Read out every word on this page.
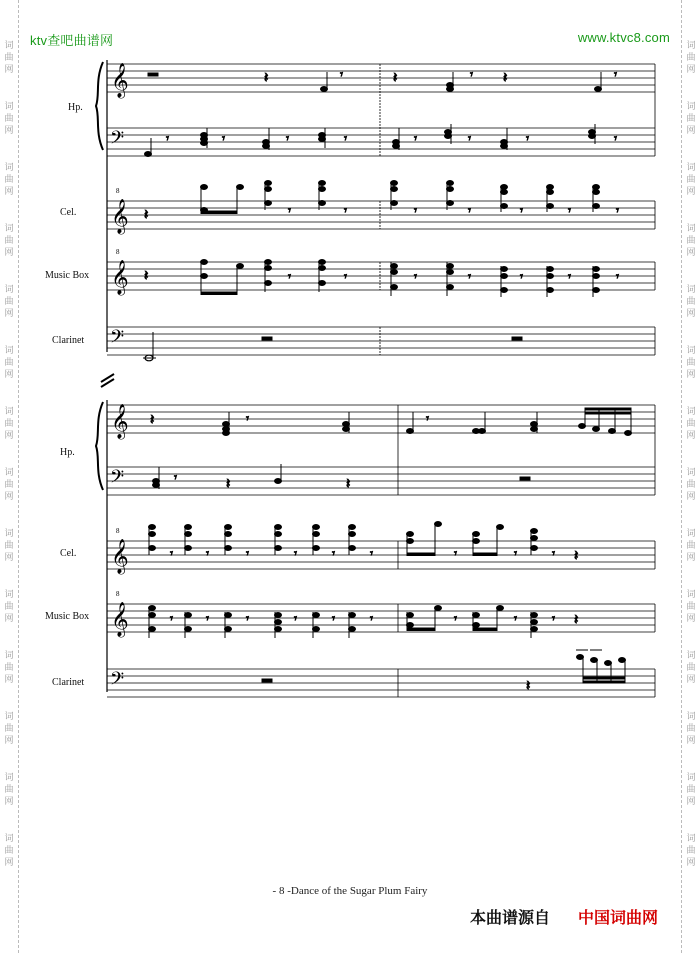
ktv查吧曲谱网	www.ktvc8.com
词
曲
网
词
曲
网
词
曲
网
词
曲
网
词
曲
网
词
曲
网
词
曲
网
词
曲
网
词
曲
网
词
曲
网
词
曲
网
词
曲
网
词
曲
网
词
曲
网
词
曲
网
词
曲
网
词
曲
网
词
曲
网
词
曲
网
词
曲
网
词
曲
网
词
曲
网
词
曲
网
词
曲
网
词
曲
网
词
曲
网
词
曲
网
词
曲
网
𝄞
𝄢
𝄞
8
𝄞
8
𝄢
𝄽	𝄾	𝄽	𝄾 𝄽	𝄾
𝄾	𝄾	𝄾	𝄾	𝄾	𝄾	𝄾	𝄾
𝄽	𝄾	𝄾	𝄾	𝄾	𝄾	𝄾	𝄾
𝄽	𝄾	𝄾	𝄾	𝄾	𝄾	𝄾	𝄾
𝄞
𝄢
𝄞
8
𝄞
8
𝄢
𝄽	𝄾	𝄾
𝄾	𝄽	𝄽
𝄾	𝄾	𝄾	𝄾	𝄾	𝄾	𝄾	𝄾	𝄾 𝄽
𝄾	𝄾	𝄾	𝄾	𝄾	𝄾	𝄾	𝄾	𝄾 𝄽
𝄽
Hp.
Cel.
Music Box
Clarinet
Hp.
Cel.
Music Box
Clarinet
- 8 -Dance of the Sugar Plum Fairy
本曲谱源自 中国词曲网
